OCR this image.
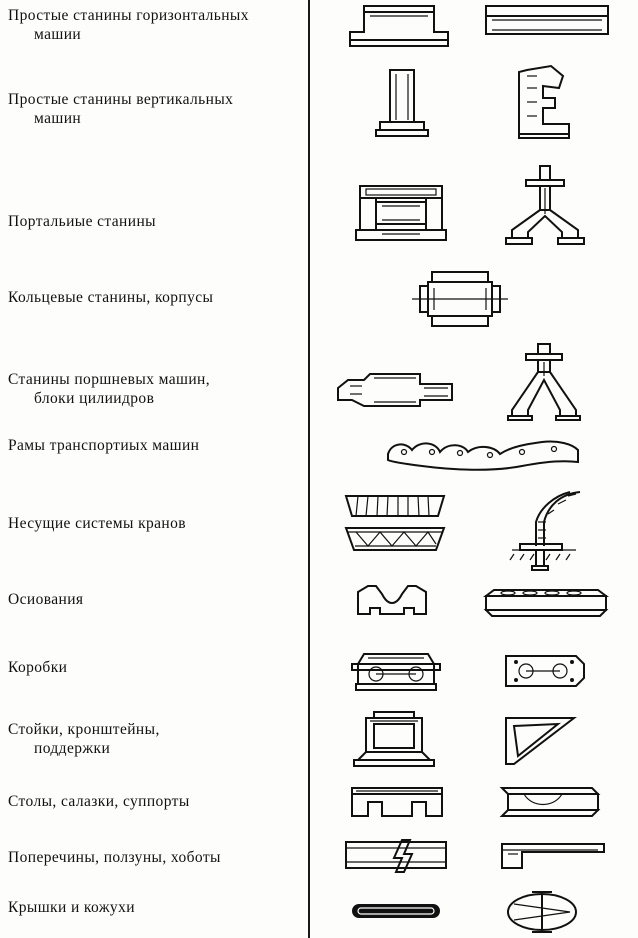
Простые станины горизонтальных
машии
Простые станины вертикальных
машин
Портальиые станины
Кольцевые станины, корпусы
Станины поршневых машин,
блоки цилиидров
Рамы транспортиых машин
Несущие системы кранов
Осиования
Коробки
Стойки, кронштейны,
поддержки
Столы, салазки, суппорты
Поперечины, ползуны, хоботы
Крышки и кожухи
